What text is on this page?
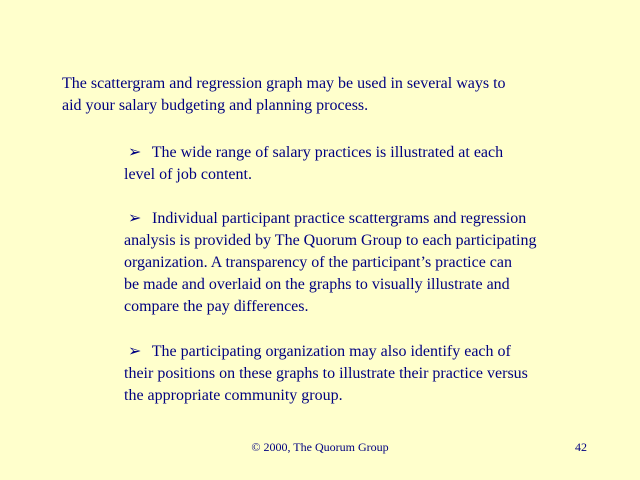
The scattergram and regression graph may be used in several ways to
aid your salary budgeting and planning process.

➢ The wide range of salary practices is illustrated at each
level of job content.

➢ Individual participant practice scattergrams and regression
analysis is provided by The Quorum Group to each participating
organization. A transparency of the participant’s practice can
be made and overlaid on the graphs to visually illustrate and
compare the pay differences.

➢ The participating organization may also identify each of
their positions on these graphs to illustrate their practice versus
the appropriate community group.

© 2000, The Quorum Group	42
